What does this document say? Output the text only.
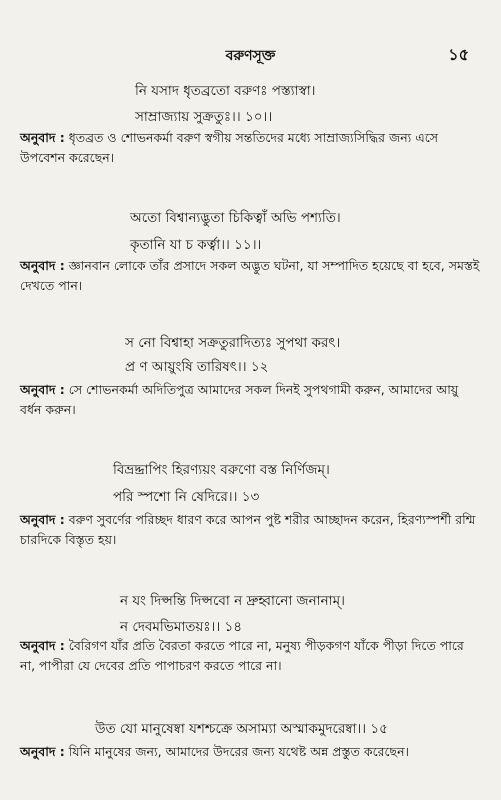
বরুণসূক্ত	১৫
নি যসাদ ধৃতব্রতো বরুণঃ পস্ত্যাস্বা।
সাম্রাজ্যায় সুক্রতুঃ।। ১০।।
অনুবাদ : ধৃতব্রত ও শোভনকর্মা বরুণ স্বগীয় সন্ততিদের মধ্যে সাম্রাজ্যসিদ্ধির জন্য এসে উপবেশন করেছেন।
অতো বিশ্বান্যদ্ভুতা চিকিত্বাঁ অভি পশ্যতি।
কৃতানি যা চ কর্ত্বা।। ১১।।
অনুবাদ : জ্ঞানবান লোকে তাঁর প্রসাদে সকল অদ্ভুত ঘটনা, যা সম্পাদিত হয়েছে বা হবে, সমস্তই দেখতে পান।
স নো বিশ্বাহা সক্রতুরাদিত্যঃ সুপথা করৎ।
প্র ণ আয়ুংষি তারিষৎ।। ১২
অনুবাদ : সে শোভনকর্মা অদিতিপুত্র আমাদের সকল দিনই সুপথগামী করুন, আমাদের আয়ু বর্ধন করুন।
বিভ্রদ্দ্রাপিং হিরণ্যয়ং বরুণো বস্ত নির্ণিজম্।
পরি স্পশো নি ষেদিরে।। ১৩
অনুবাদ : বরুণ সুবর্ণের পরিচ্ছদ ধারণ করে আপন পুষ্ট শরীর আচ্ছাদন করেন, হিরণ্যস্পর্শী রশ্মি চারদিকে বিস্তৃত হয়।
ন যং দিপ্সন্তি দিপ্সবো ন দ্রুহ্বানো জনানাম্।
ন দেবমভিমাতয়ঃ।। ১৪
অনুবাদ : বৈরিগণ যাঁর প্রতি বৈরতা করতে পারে না, মনুষ্য পীড়কগণ যাঁকে পীড়া দিতে পারে না, পাপীরা যে দেবের প্রতি পাপাচরণ করতে পারে না।
উত যো মানুষেষ্বা যশশ্চক্রে অসাম্যা অস্মাকমুদরেষ্বা।। ১৫
অনুবাদ : যিনি মানুষের জন্য, আমাদের উদরের জন্য যথেষ্ট অন্ন প্রস্তুত করেছেন।
